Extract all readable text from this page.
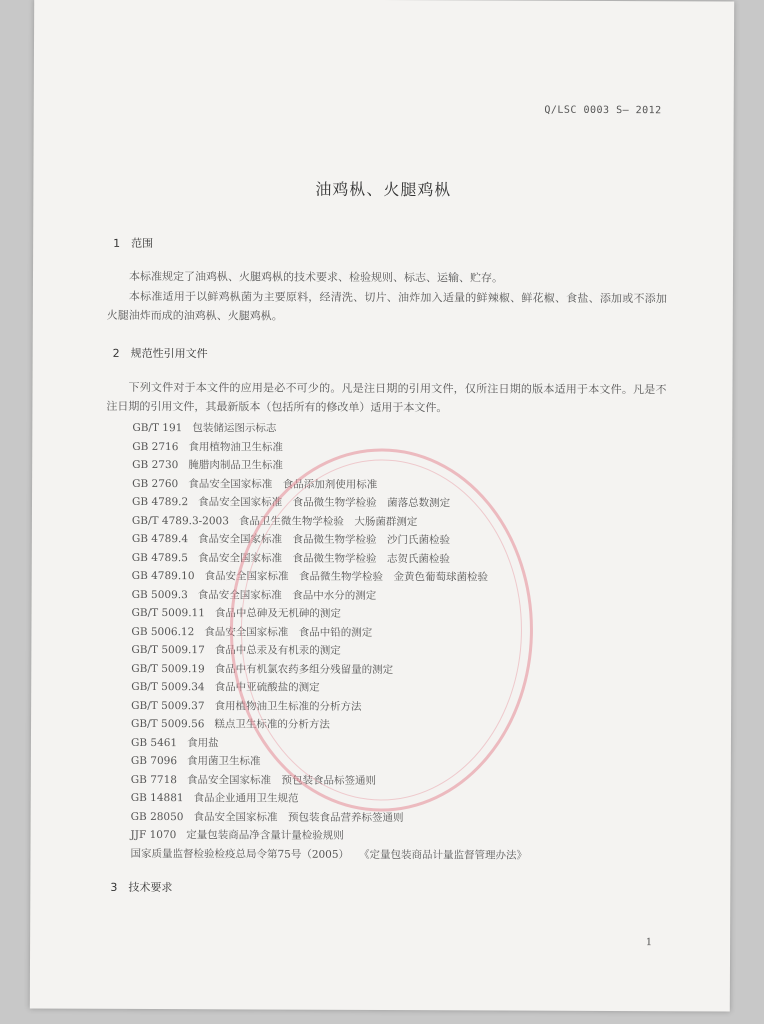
Q/LSC 0003 S— 2012
油鸡枞、火腿鸡枞
1 范围
本标准规定了油鸡枞、火腿鸡枞的技术要求、检验规则、标志、运输、贮存。
本标准适用于以鲜鸡枞菌为主要原料，经清洗、切片、油炸加入适量的鲜辣椒、鲜花椒、食盐、添加或不添加火腿油炸而成的油鸡枞、火腿鸡枞。
2 规范性引用文件
下列文件对于本文件的应用是必不可少的。凡是注日期的引用文件，仅所注日期的版本适用于本文件。凡是不注日期的引用文件，其最新版本（包括所有的修改单）适用于本文件。
GB/T 191 包装储运图示标志
GB 2716 食用植物油卫生标准
GB 2730 腌腊肉制品卫生标准
GB 2760 食品安全国家标准　食品添加剂使用标准
GB 4789.2 食品安全国家标准　食品微生物学检验　菌落总数测定
GB/T 4789.3-2003 食品卫生微生物学检验　大肠菌群测定
GB 4789.4 食品安全国家标准　食品微生物学检验　沙门氏菌检验
GB 4789.5 食品安全国家标准　食品微生物学检验　志贺氏菌检验
GB 4789.10 食品安全国家标准　食品微生物学检验　金黄色葡萄球菌检验
GB 5009.3 食品安全国家标准　食品中水分的测定
GB/T 5009.11 食品中总砷及无机砷的测定
GB 5006.12 食品安全国家标准　食品中铅的测定
GB/T 5009.17 食品中总汞及有机汞的测定
GB/T 5009.19 食品中有机氯农药多组分残留量的测定
GB/T 5009.34 食品中亚硫酸盐的测定
GB/T 5009.37 食用植物油卫生标准的分析方法
GB/T 5009.56 糕点卫生标准的分析方法
GB 5461 食用盐
GB 7096 食用菌卫生标准
GB 7718 食品安全国家标准　预包装食品标签通则
GB 14881 食品企业通用卫生规范
GB 28050 食品安全国家标准　预包装食品营养标签通则
JJF 1070 定量包装商品净含量计量检验规则
国家质量监督检验检疫总局令第75号（2005） 《定量包装商品计量监督管理办法》
3 技术要求
1
